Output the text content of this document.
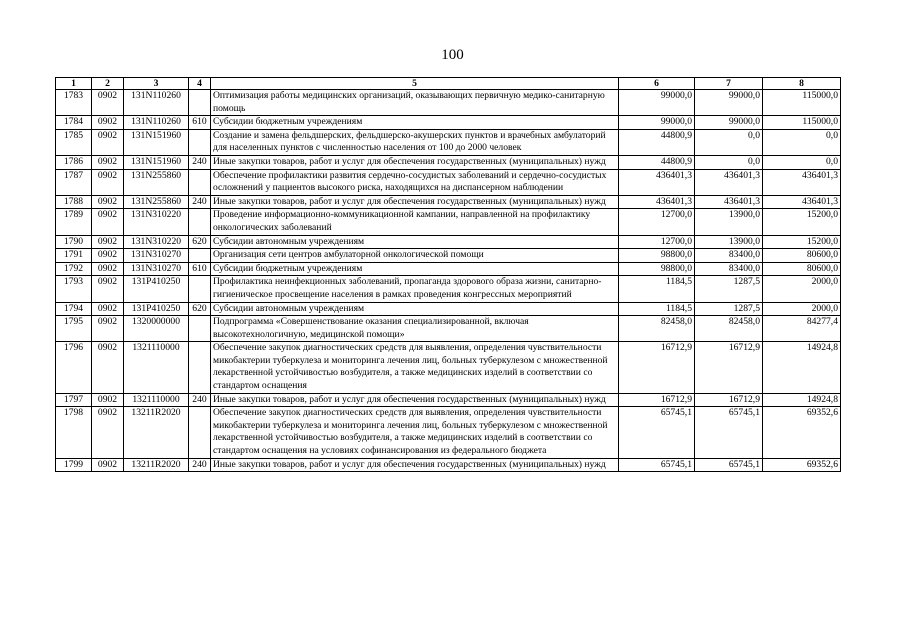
100
1	2	3	4	5	6	7	8
1783	0902	131N110260		Оптимизация работы медицинских организаций, оказывающих первичную медико-санитарную помощь	99000,0	99000,0	115000,0
1784	0902	131N110260	610	Субсидии бюджетным учреждениям	99000,0	99000,0	115000,0
1785	0902	131N151960		Создание и замена фельдшерских, фельдшерско-акушерских пунктов и врачебных амбулаторий для населенных пунктов с численностью населения от 100 до 2000 человек	44800,9	0,0	0,0
1786	0902	131N151960	240	Иные закупки товаров, работ и услуг для обеспечения государственных (муниципальных) нужд	44800,9	0,0	0,0
1787	0902	131N255860		Обеспечение профилактики развития сердечно-сосудистых заболеваний и сердечно-сосудистых осложнений у пациентов высокого риска, находящихся на диспансерном наблюдении	436401,3	436401,3	436401,3
1788	0902	131N255860	240	Иные закупки товаров, работ и услуг для обеспечения государственных (муниципальных) нужд	436401,3	436401,3	436401,3
1789	0902	131N310220		Проведение информационно-коммуникационной кампании, направленной на профилактику онкологических заболеваний	12700,0	13900,0	15200,0
1790	0902	131N310220	620	Субсидии автономным учреждениям	12700,0	13900,0	15200,0
1791	0902	131N310270		Организация сети центров амбулаторной онкологической помощи	98800,0	83400,0	80600,0
1792	0902	131N310270	610	Субсидии бюджетным учреждениям	98800,0	83400,0	80600,0
1793	0902	131P410250		Профилактика неинфекционных заболеваний, пропаганда здорового образа жизни, санитарно-гигиеническое просвещение населения в рамках проведения конгрессных мероприятий	1184,5	1287,5	2000,0
1794	0902	131P410250	620	Субсидии автономным учреждениям	1184,5	1287,5	2000,0
1795	0902	1320000000		Подпрограмма «Совершенствование оказания специализированной, включая высокотехнологичную, медицинской помощи»	82458,0	82458,0	84277,4
1796	0902	1321110000		Обеспечение закупок диагностических средств для выявления, определения чувствительности микобактерии туберкулеза и мониторинга лечения лиц, больных туберкулезом с множественной лекарственной устойчивостью возбудителя, а также медицинских изделий в соответствии со стандартом оснащения	16712,9	16712,9	14924,8
1797	0902	1321110000	240	Иные закупки товаров, работ и услуг для обеспечения государственных (муниципальных) нужд	16712,9	16712,9	14924,8
1798	0902	13211R2020		Обеспечение закупок диагностических средств для выявления, определения чувствительности микобактерии туберкулеза и мониторинга лечения лиц, больных туберкулезом с множественной лекарственной устойчивостью возбудителя, а также медицинских изделий в соответствии со стандартом оснащения на условиях софинансирования из федерального бюджета	65745,1	65745,1	69352,6
1799	0902	13211R2020	240	Иные закупки товаров, работ и услуг для обеспечения государственных (муниципальных) нужд	65745,1	65745,1	69352,6
